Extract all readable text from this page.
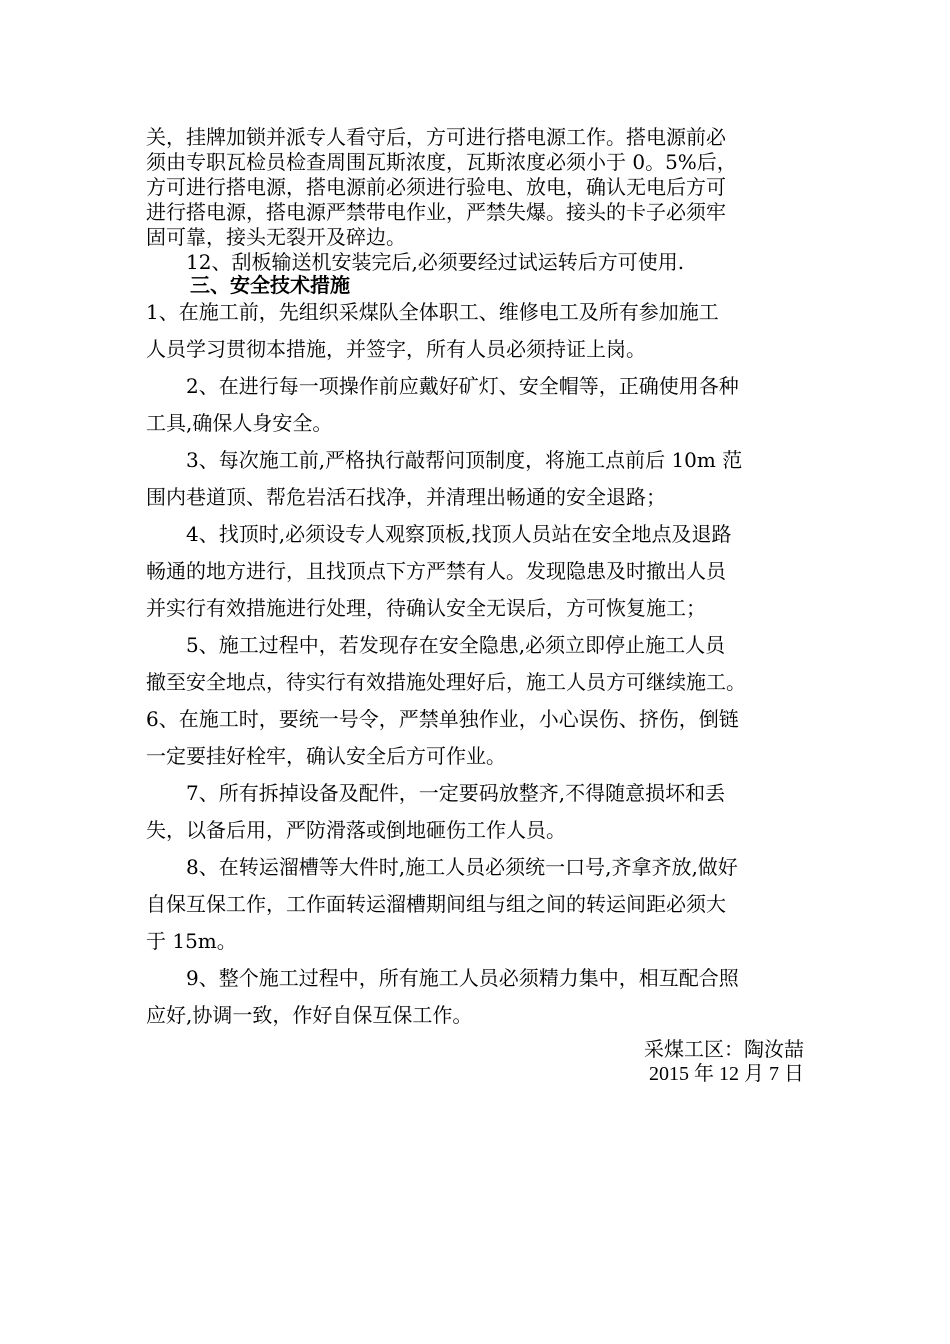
关，挂牌加锁并派专人看守后，方可进行搭电源工作。搭电源前必
须由专职瓦检员检查周围瓦斯浓度，瓦斯浓度必须小于 0。5%后，
方可进行搭电源，搭电源前必须进行验电、放电，确认无电后方可
进行搭电源，搭电源严禁带电作业，严禁失爆。接头的卡子必须牢
固可靠，接头无裂开及碎边。
　　12、刮板输送机安装完后,必须要经过试运转后方可使用.
三、安全技术措施
1、在施工前，先组织采煤队全体职工、维修电工及所有参加施工
人员学习贯彻本措施，并签字，所有人员必须持证上岗。
　　2、在进行每一项操作前应戴好矿灯、安全帽等，正确使用各种
工具,确保人身安全。
　　3、每次施工前,严格执行敲帮问顶制度，将施工点前后 10m 范
围内巷道顶、帮危岩活石找净，并清理出畅通的安全退路；
　　4、找顶时,必须设专人观察顶板,找顶人员站在安全地点及退路
畅通的地方进行，且找顶点下方严禁有人。发现隐患及时撤出人员
并实行有效措施进行处理，待确认安全无误后，方可恢复施工；
　　5、施工过程中，若发现存在安全隐患,必须立即停止施工人员
撤至安全地点，待实行有效措施处理好后，施工人员方可继续施工。
6、在施工时，要统一号令，严禁单独作业，小心误伤、挤伤，倒链
一定要挂好栓牢，确认安全后方可作业。
　　7、所有拆掉设备及配件，一定要码放整齐,不得随意损坏和丢
失，以备后用，严防滑落或倒地砸伤工作人员。
　　8、在转运溜槽等大件时,施工人员必须统一口号,齐拿齐放,做好
自保互保工作，工作面转运溜槽期间组与组之间的转运间距必须大
于 15m。
　　9、整个施工过程中，所有施工人员必须精力集中，相互配合照
应好,协调一致，作好自保互保工作。
采煤工区：陶汝喆
2015 年 12 月 7 日
